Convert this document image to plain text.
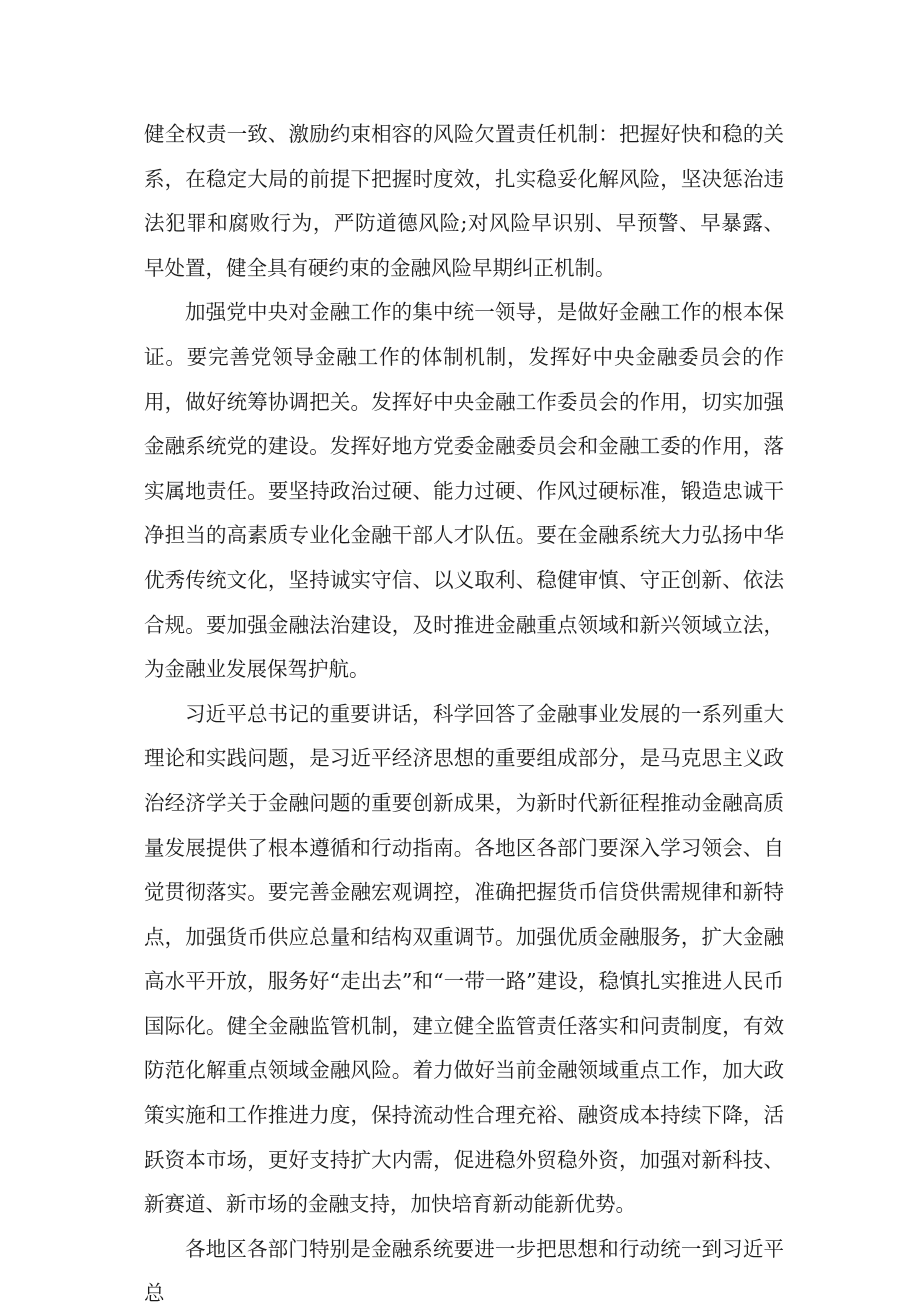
健全权责一致、激励约束相容的风险欠置责任机制：把握好快和稳的关系，在稳定大局的前提下把握时度效，扎实稳妥化解风险，坚决惩治违法犯罪和腐败行为，严防道德风险;对风险早识别、早预警、早暴露、早处置，健全具有硬约束的金融风险早期纠正机制。

加强党中央对金融工作的集中统一领导，是做好金融工作的根本保证。要完善党领导金融工作的体制机制，发挥好中央金融委员会的作用，做好统筹协调把关。发挥好中央金融工作委员会的作用，切实加强金融系统党的建设。发挥好地方党委金融委员会和金融工委的作用，落实属地责任。要坚持政治过硬、能力过硬、作风过硬标准，锻造忠诚干净担当的高素质专业化金融干部人才队伍。要在金融系统大力弘扬中华优秀传统文化，坚持诚实守信、以义取利、稳健审慎、守正创新、依法合规。要加强金融法治建设，及时推进金融重点领域和新兴领域立法，为金融业发展保驾护航。

习近平总书记的重要讲话，科学回答了金融事业发展的一系列重大理论和实践问题，是习近平经济思想的重要组成部分，是马克思主义政治经济学关于金融问题的重要创新成果，为新时代新征程推动金融高质量发展提供了根本遵循和行动指南。各地区各部门要深入学习领会、自觉贯彻落实。要完善金融宏观调控，准确把握货币信贷供需规律和新特点，加强货币供应总量和结构双重调节。加强优质金融服务，扩大金融高水平开放，服务好“走出去”和“一带一路”建设，稳慎扎实推进人民币国际化。健全金融监管机制，建立健全监管责任落实和问责制度，有效防范化解重点领域金融风险。着力做好当前金融领域重点工作，加大政策实施和工作推进力度，保持流动性合理充裕、融资成本持续下降，活跃资本市场，更好支持扩大内需，促进稳外贸稳外资，加强对新科技、新赛道、新市场的金融支持，加快培育新动能新优势。

各地区各部门特别是金融系统要进一步把思想和行动统一到习近平总
